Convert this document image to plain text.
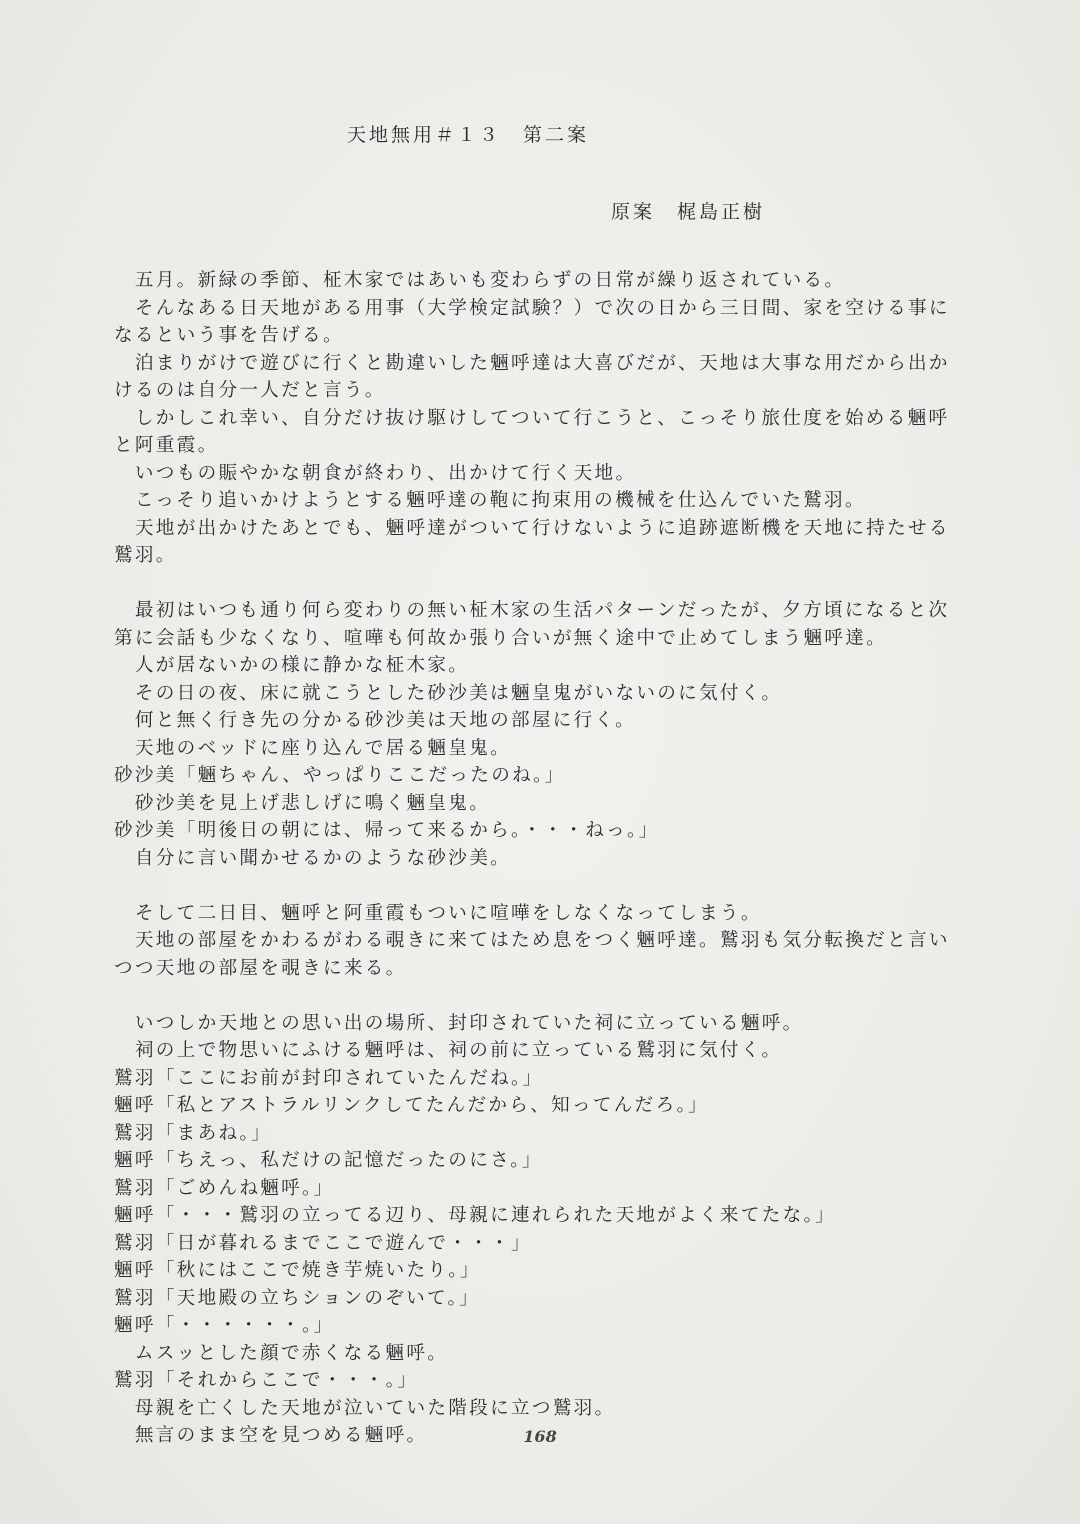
天地無用＃１３　第二案
原案　梶島正樹
　五月。新緑の季節、柾木家ではあいも変わらずの日常が繰り返されている。
　そんなある日天地がある用事（大学検定試験？）で次の日から三日間、家を空ける事に
なるという事を告げる。
　泊まりがけで遊びに行くと勘違いした魎呼達は大喜びだが、天地は大事な用だから出か
けるのは自分一人だと言う。
　しかしこれ幸い、自分だけ抜け駆けしてついて行こうと、こっそり旅仕度を始める魎呼
と阿重霞。
　いつもの賑やかな朝食が終わり、出かけて行く天地。
　こっそり追いかけようとする魎呼達の鞄に拘束用の機械を仕込んでいた鷲羽。
　天地が出かけたあとでも、魎呼達がついて行けないように追跡遮断機を天地に持たせる
鷲羽。
　最初はいつも通り何ら変わりの無い柾木家の生活パターンだったが、夕方頃になると次
第に会話も少なくなり、喧嘩も何故か張り合いが無く途中で止めてしまう魎呼達。
　人が居ないかの様に静かな柾木家。
　その日の夜、床に就こうとした砂沙美は魎皇鬼がいないのに気付く。
　何と無く行き先の分かる砂沙美は天地の部屋に行く。
　天地のベッドに座り込んで居る魎皇鬼。
砂沙美「魎ちゃん、やっぱりここだったのね。」
　砂沙美を見上げ悲しげに鳴く魎皇鬼。
砂沙美「明後日の朝には、帰って来るから。・・・ねっ。」
　自分に言い聞かせるかのような砂沙美。
　そして二日目、魎呼と阿重霞もついに喧嘩をしなくなってしまう。
　天地の部屋をかわるがわる覗きに来てはため息をつく魎呼達。鷲羽も気分転換だと言い
つつ天地の部屋を覗きに来る。
　いつしか天地との思い出の場所、封印されていた祠に立っている魎呼。
　祠の上で物思いにふける魎呼は、祠の前に立っている鷲羽に気付く。
鷲羽「ここにお前が封印されていたんだね。」
魎呼「私とアストラルリンクしてたんだから、知ってんだろ。」
鷲羽「まあね。」
魎呼「ちえっ、私だけの記憶だったのにさ。」
鷲羽「ごめんね魎呼。」
魎呼「・・・鷲羽の立ってる辺り、母親に連れられた天地がよく来てたな。」
鷲羽「日が暮れるまでここで遊んで・・・」
魎呼「秋にはここで焼き芋焼いたり。」
鷲羽「天地殿の立ちションのぞいて。」
魎呼「・・・・・・。」
　ムスッとした顔で赤くなる魎呼。
鷲羽「それからここで・・・。」
　母親を亡くした天地が泣いていた階段に立つ鷲羽。
　無言のまま空を見つめる魎呼。	168
